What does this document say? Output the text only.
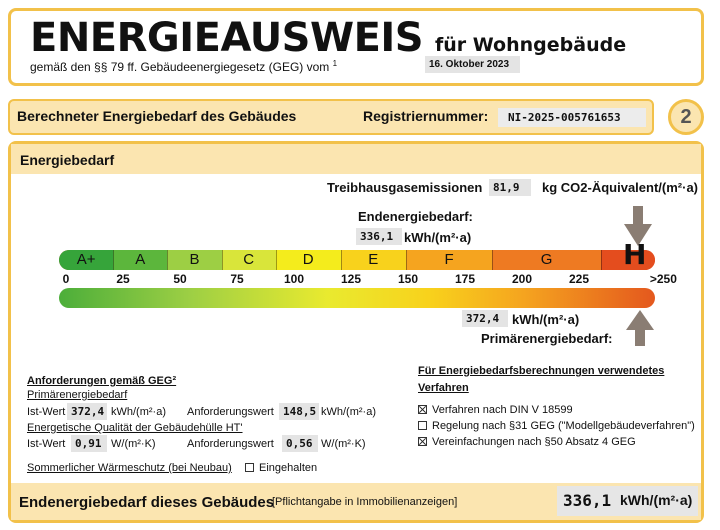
ENERGIEAUSWEIS für Wohngebäude
gemäß den §§ 79 ff. Gebäudeenergiegesetz (GEG) vom $^1$	16. Oktober 2023
Berechneter Energiebedarf des Gebäudes	Registriernummer:	NI-2025-005761653	2
Energiebedarf
Treibhausgasemissionen 81,9	kg CO2-Äquivalent/(m²·a)
Endenergiebedarf:
336,1 kWh/(m²·a)
A+	A	B	C	D	E	F	G	H
0	25	50	75	100	125	150	175	200	225	>250
372,4 kWh/(m²·a)
Primärenergiebedarf:
Anforderungen gemäß GEG²
Primärenergiebedarf
Ist-Wert 372,4 kWh/(m²·a) Anforderungswert 148,5 kWh/(m²·a)
Energetische Qualität der Gebäudehülle HT'
Ist-Wert 0,91 W/(m²·K)	Anforderungswert	0,56 W/(m²·K)
Sommerlicher Wärmeschutz (bei Neubau)	Eingehalten
Für Energiebedarfsberechnungen verwendetes
Verfahren
Verfahren nach DIN V 18599
Regelung nach §31 GEG ("Modellgebäudeverfahren")
Vereinfachungen nach §50 Absatz 4 GEG
Endenergiebedarf dieses Gebäudes
[Pflichtangabe in Immobilienanzeigen]	336,1 kWh/(m²·a)
